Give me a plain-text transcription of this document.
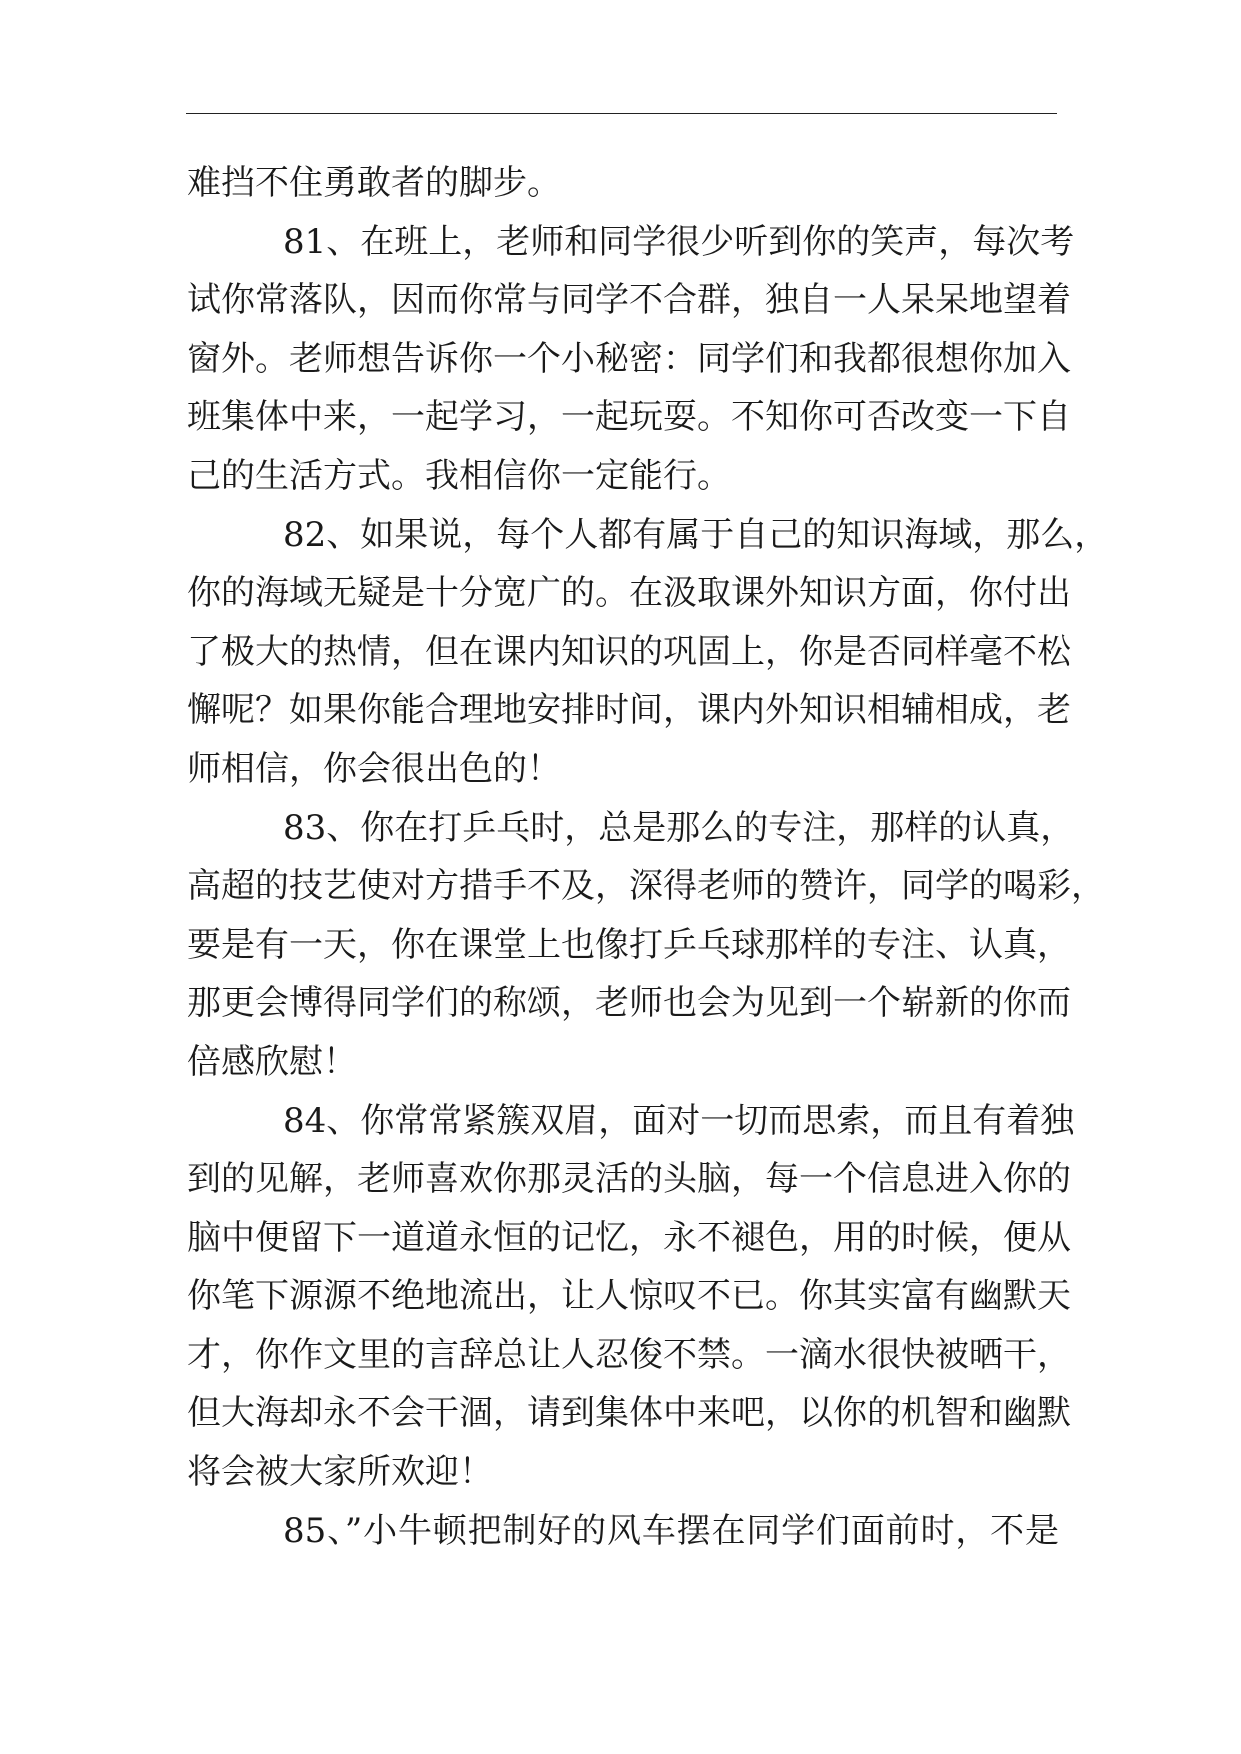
难挡不住勇敢者的脚步。
81、在班上，老师和同学很少听到你的笑声，每次考
试你常落队，因而你常与同学不合群，独自一人呆呆地望着
窗外。老师想告诉你一个小秘密：同学们和我都很想你加入
班集体中来，一起学习，一起玩耍。不知你可否改变一下自
己的生活方式。我相信你一定能行。
82、如果说，每个人都有属于自己的知识海域，那么，
你的海域无疑是十分宽广的。在汲取课外知识方面，你付出
了极大的热情，但在课内知识的巩固上，你是否同样毫不松
懈呢？如果你能合理地安排时间，课内外知识相辅相成，老
师相信，你会很出色的！
83、你在打乒乓时，总是那么的专注，那样的认真，
高超的技艺使对方措手不及，深得老师的赞许，同学的喝彩，
要是有一天，你在课堂上也像打乒乓球那样的专注、认真，
那更会博得同学们的称颂，老师也会为见到一个崭新的你而
倍感欣慰！
84、你常常紧簇双眉，面对一切而思索，而且有着独
到的见解，老师喜欢你那灵活的头脑，每一个信息进入你的
脑中便留下一道道永恒的记忆，永不褪色，用的时候，便从
你笔下源源不绝地流出，让人惊叹不已。你其实富有幽默天
才，你作文里的言辞总让人忍俊不禁。一滴水很快被晒干，
但大海却永不会干涸，请到集体中来吧，以你的机智和幽默
将会被大家所欢迎！
85、”小牛顿把制好的风车摆在同学们面前时，不是
